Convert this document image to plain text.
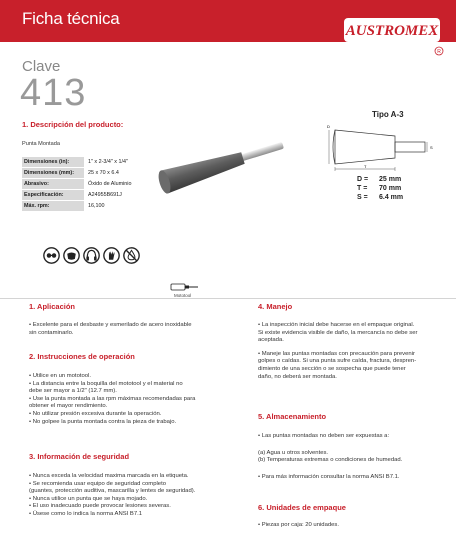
Ficha técnica
AUSTROMEX
R
Clave
413
1. Descripción del producto:
Punta Montada
Dimensiones (in):	1" x 2-3/4" x 1/4"
Dimensiones (mm):	25 x 70 x 6.4
Abrasivo:	Óxido de Aluminio
Especificación:	A24955B691J
Máx. rpm:	16,100
Tipo A-3
S
T
D
D =	25 mm
T =	70 mm
S =	6.4 mm
Mototool
1. Aplicación
• Excelente para el desbaste y esmerilado de acero inoxidable
sin contaminarlo.
2. Instrucciones de operación
• Utilice en un mototool.
• La distancia entre la boquilla del mototool y el material no
debe ser mayor a 1/2" (12.7 mm).
• Use la punta montada a las rpm máximas recomendadas para
obtener el mayor rendimiento.
• No utilizar presión excesiva durante la operación.
• No golpee la punta montada contra la pieza de trabajo.
3. Información de seguridad
• Nunca exceda la velocidad maxima marcada en la etiqueta.
• Se recomienda usar equipo de seguridad completo
(guantes, protección auditiva, mascarilla y lentes de seguridad).
• Nunca utilice un punta que se haya mojado.
• El uso inadecuado puede provocar lesiones severas.
• Úsese como lo indica la norma ANSI B7.1
4. Manejo
• La inspección inicial debe hacerse en el empaque original.
Si existe evidencia visible de daño, la mercancía no debe ser
aceptada.
• Maneje las puntas montadas con precaución para prevenir
golpes o caídas. Si una punta sufre caída, fractura, despren-
dimiento de una sección o se sospecha que puede tener
daño, no deberá ser montada.
5. Almacenamiento
• Las puntas montadas no deben ser expuestas a:
(a) Agua u otros solventes.
(b) Temperaturas extremas o condiciones de humedad.
• Para más información consultar la norma ANSI B7.1.
6. Unidades de empaque
• Piezas por caja: 20 unidades.
